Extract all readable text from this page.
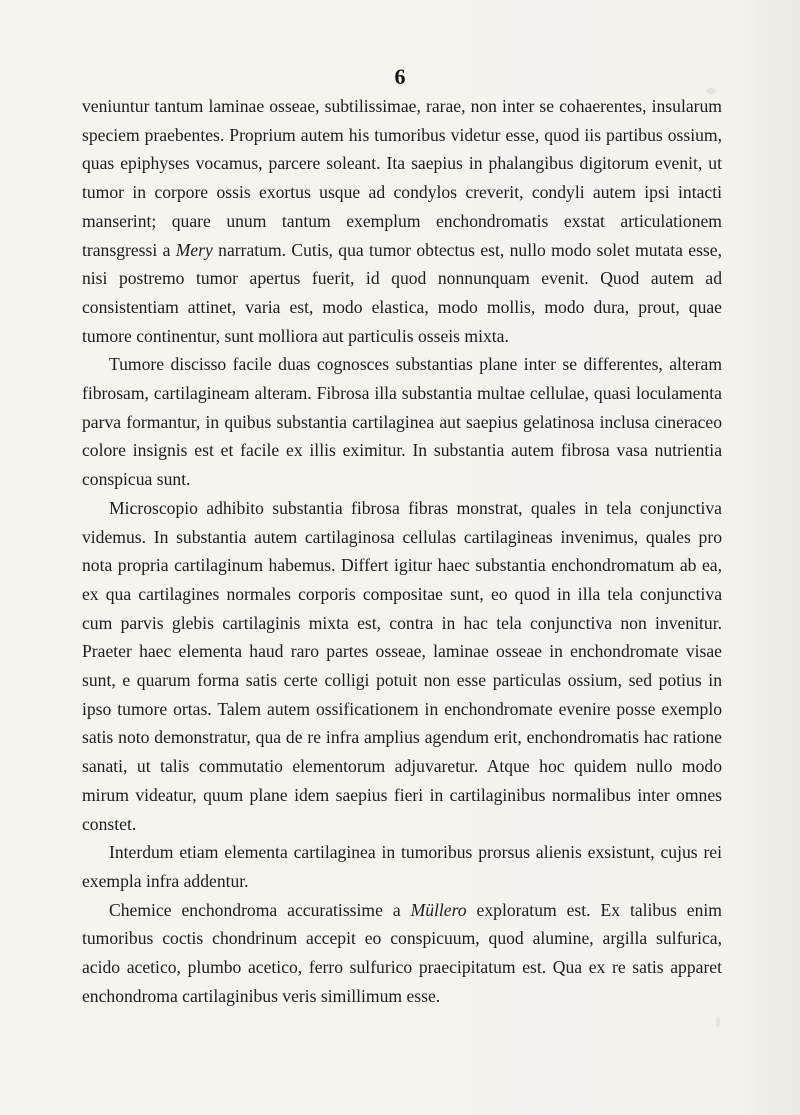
6

veniuntur tantum laminae osseae, subtilissimae, rarae, non inter se cohaerentes, insularum speciem praebentes. Proprium autem his tumoribus videtur esse, quod iis partibus ossium, quas epiphyses vocamus, parcere soleant. Ita saepius in phalangibus digitorum evenit, ut tumor in corpore ossis exortus usque ad condylos creverit, condyli autem ipsi intacti manserint; quare unum tantum exemplum enchondromatis exstat articulationem transgressi a Mery narratum. Cutis, qua tumor obtectus est, nullo modo solet mutata esse, nisi postremo tumor apertus fuerit, id quod nonnunquam evenit. Quod autem ad consistentiam attinet, varia est, modo elastica, modo mollis, modo dura, prout, quae tumore continentur, sunt molliora aut particulis osseis mixta.

Tumore discisso facile duas cognosces substantias plane inter se differentes, alteram fibrosam, cartilagineam alteram. Fibrosa illa substantia multae cellulae, quasi loculamenta parva formantur, in quibus substantia cartilaginea aut saepius gelatinosa inclusa cineraceo colore insignis est et facile ex illis eximitur. In substantia autem fibrosa vasa nutrientia conspicua sunt.

Microscopio adhibito substantia fibrosa fibras monstrat, quales in tela conjunctiva videmus. In substantia autem cartilaginosa cellulas cartilagineas invenimus, quales pro nota propria cartilaginum habemus. Differt igitur haec substantia enchondromatum ab ea, ex qua cartilagines normales corporis compositae sunt, eo quod in illa tela conjunctiva cum parvis glebis cartilaginis mixta est, contra in hac tela conjunctiva non invenitur. Praeter haec elementa haud raro partes osseae, laminae osseae in enchondromate visae sunt, e quarum forma satis certe colligi potuit non esse particulas ossium, sed potius in ipso tumore ortas. Talem autem ossificationem in enchondromate evenire posse exemplo satis noto demonstratur, qua de re infra amplius agendum erit, enchondromatis hac ratione sanati, ut talis commutatio elementorum adjuvaretur. Atque hoc quidem nullo modo mirum videatur, quum plane idem saepius fieri in cartilaginibus normalibus inter omnes constet.

Interdum etiam elementa cartilaginea in tumoribus prorsus alienis exsistunt, cujus rei exempla infra addentur.

Chemice enchondroma accuratissime a Müllero exploratum est. Ex talibus enim tumoribus coctis chondrinum accepit eo conspicuum, quod alumine, argilla sulfurica, acido acetico, plumbo acetico, ferro sulfurico praecipitatum est. Qua ex re satis apparet enchondroma cartilaginibus veris simillimum esse.
